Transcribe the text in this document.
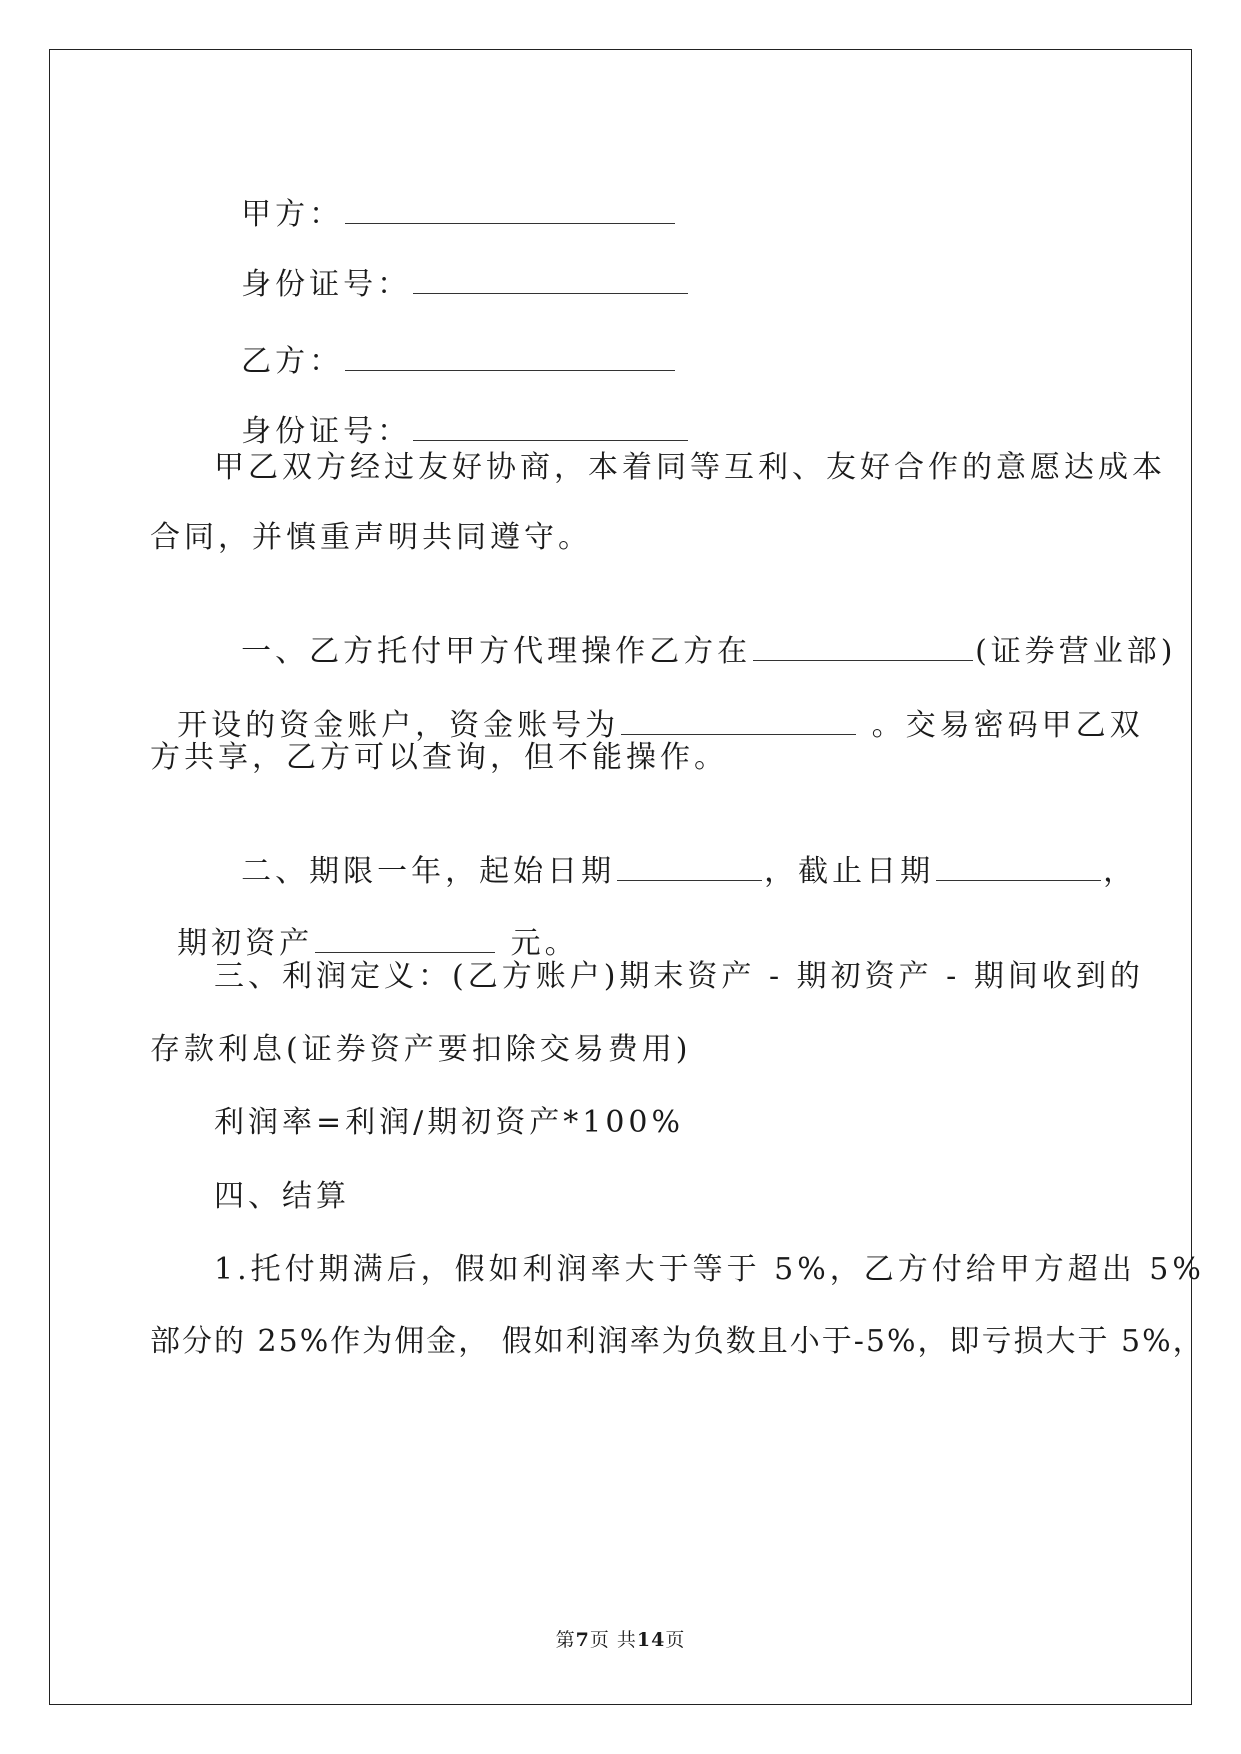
甲方：

身份证号：

乙方：

身份证号：

甲乙双方经过友好协商，本着同等互利、友好合作的意愿达成本
合同，并慎重声明共同遵守。

一、乙方托付甲方代理操作乙方在	(证券营业部)

开设的资金账户，资金账号为	。交易密码甲乙双

方共享，乙方可以查询，但不能操作。

二、期限一年，起始日期	，截止日期	，

期初资产	元。

三、利润定义：(乙方账户)期末资产 - 期初资产 - 期间收到的
存款利息(证券资产要扣除交易费用)
利润率=利润/期初资产*100%
四、结算
1.托付期满后，假如利润率大于等于 5%，乙方付给甲方超出 5%
部分的 25%作为佣金， 假如利润率为负数且小于-5%，即亏损大于 5%，
第7页 共14页
